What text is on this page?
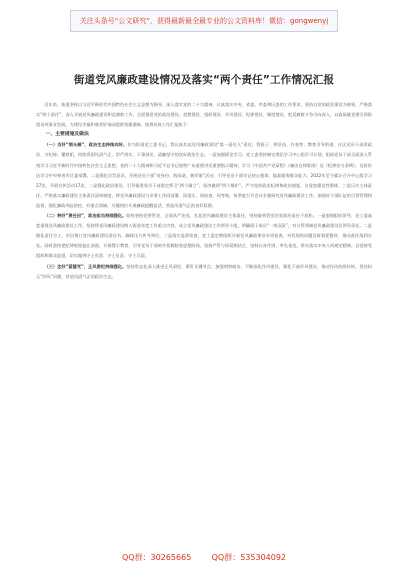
关注头条号“公文研究”，获得最新最全最专业的公文资料库！微信：gongwenyj
街道党风廉政建设情况及落实“两个责任”工作情况汇报

近年来，街道坚持以习近平新时代中国特色社会主义思想为指导，深入落实党的二十大精神，认真落实中央、省委、市委和区委的工作要求，坚持以党的政治建设为统领，严格落实“两个责任”，深入开展党风廉政建设和反腐败工作，全面推进党的政治建设、思想建设、组织建设、作风建设、纪律建设、制度建设，把反腐败斗争引向深入，以高质量党建引领街道各项事业发展，为建设幸福和谐美好家园提供坚强保障。现将具体工作汇报如下：

一、主要措施及做法

（一）当好“领头雁”，政治生态持续向好。作为街道党工委书记，我认真扛起党风廉政建设“第一责任人”责任，管班子、带队伍、作表率，教育引导街道、社区党员干部讲政治、守纪律、懂规矩，持续巩固风清气正、崇严尚实、干事创业、清廉坚守的良好政治生态。一是加强理论学习。党工委坚持制定理论学习中心组学习计划，组织党员干部全面深入系统学习习近平新时代中国特色社会主义思想、党的二十大精神和习近平总书记视察广东重要讲话重要指示精神，学习《中国共产党章程》《廉洁自律准则》及《纪律处分条例》，及时传达学习中央和省市区委部署。二是强化宗旨意识。开展党员干部“亮身份、践承诺、树形象”活动，引导党员干部牢记初心使命，提高服务群众能力。2022年至今累计召开中心组学习27次，开展宣传活动17次，二是强化政治建设。引导街道党员干部坚定捍卫“两个确立”、坚决做到“两个维护”，严守党的政治纪律和政治规矩，自觉加强党性锻炼。三是压实主体责任。严格落实廉政建设主体责任清单制度，将党风廉政建设与业务工作同部署、同落实、同检查、同考核，每季度召开会议专题研究党风廉政建设工作。加强对干部队伍的日常管理和监督，强化廉政风险防控，对重点领域、关键岗位开展廉政提醒谈话，营造风清气正的良好氛围。

（二）种好“责任田”，政治担当持续强化。始终坚持党要管党、全面从严治党，扛起党风廉政建设主体责任，坚持做到管党治党政治责任不放松。一是加强组织领导，党工委高度重视党风廉政建设工作，坚持将党风廉政建设纳入街道年度工作重点内容，成立党风廉政建设工作领导小组，明确班子成员“一岗双责”，对分管领域党风廉政建设负领导责任。二是细化责任分工，层层签订党风廉政建设责任书，确保压力传导到位。三是落实监督检查，党工委定期组织开展党风廉政建设专项检查，对发现的问题及时督促整改，推动责任落到实处。同时坚持把纪律规矩挺在前面，开展警示教育，引导党员干部筑牢拒腐防变思想防线，坚持严管与厚爱相结合，坚持以身作则、率先垂范，带头落实中央八项规定精神，自觉接受组织和群众监督，切实做到守土有责、守土负责、守土尽责。

（三）念好“紧箍咒”，正风肃纪持续强化。坚持常态化深入推进正风肃纪，紧盯关键节点，加强明察暗访，不断深化作风建设，强化干部作风建设，推动作风持续好转，坚决纠正“四风”问题，营造风清气正的政治生态。

QQ群：30265665	QQ群：535304092
